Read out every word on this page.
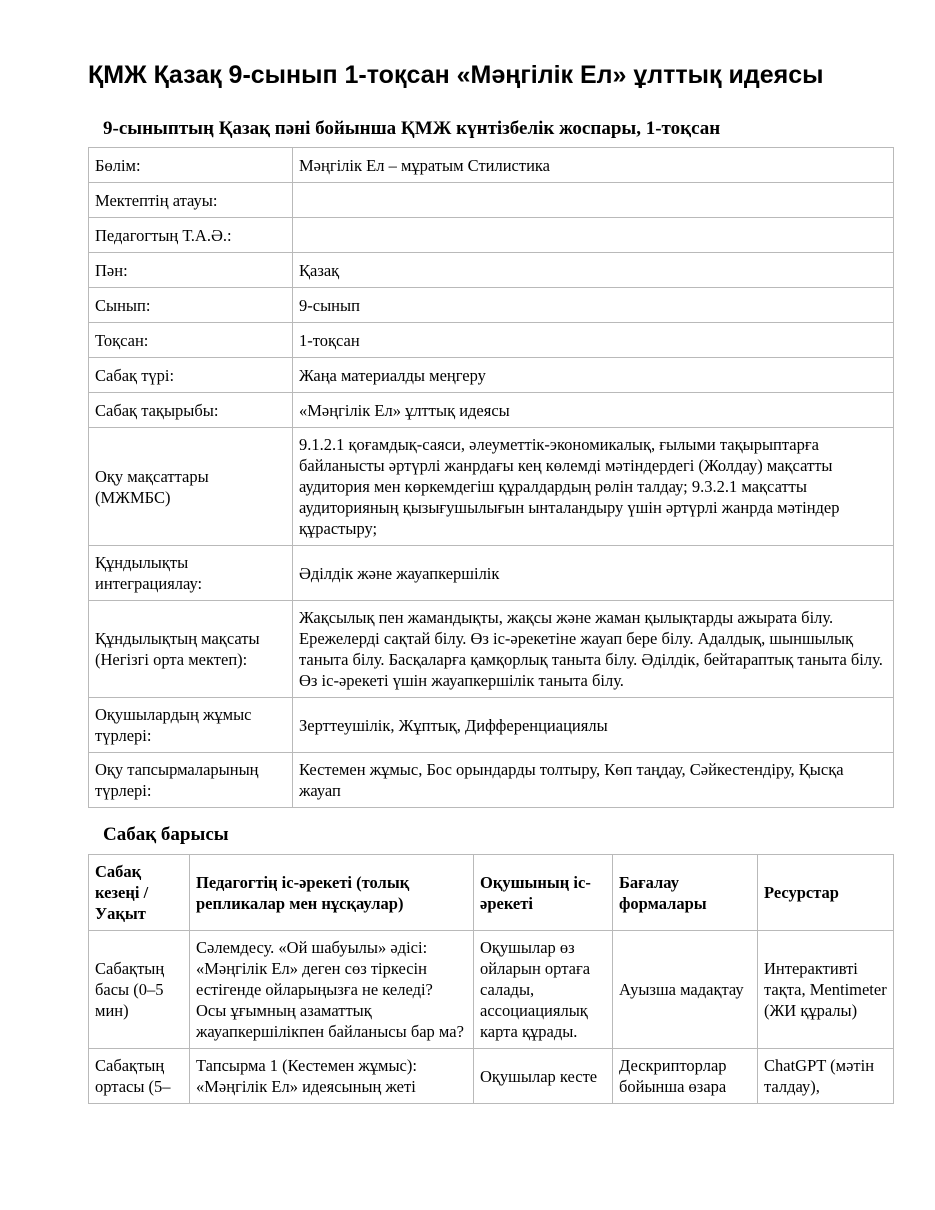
ҚМЖ Қазақ 9-сынып 1-тоқсан «Мәңгілік Ел» ұлттық идеясы
9-сыныптың Қазақ пәні бойынша ҚМЖ күнтізбелік жоспары, 1-тоқсан
Бөлім:	Мәңгілік Ел – мұратым Стилистика
Мектептің атауы:	
Педагогтың Т.А.Ә.:	
Пән:	Қазақ
Сынып:	9-сынып
Тоқсан:	1-тоқсан
Сабақ түрі:	Жаңа материалды меңгеру
Сабақ тақырыбы:	«Мәңгілік Ел» ұлттық идеясы
Оқу мақсаттары (МЖМБС)	9.1.2.1 қоғамдық-саяси, әлеуметтік-экономикалық, ғылыми тақырыптарға байланысты әртүрлі жанрдағы кең көлемді мәтіндердегі (Жолдау) мақсатты аудитория мен көркемдегіш құралдардың рөлін талдау; 9.3.2.1 мақсатты аудиторияның қызығушылығын ынталандыру үшін әртүрлі жанрда мәтіндер құрастыру;
Құндылықты интеграциялау:	Әділдік және жауапкершілік
Құндылықтың мақсаты (Негізгі орта мектеп):	Жақсылық пен жамандықты, жақсы және жаман қылықтарды ажырата білу. Ережелерді сақтай білу. Өз іс-әрекетіне жауап бере білу. Адалдық, шыншылық таныта білу. Басқаларға қамқорлық таныта білу. Әділдік, бейтараптық таныта білу. Өз іс-әрекеті үшін жауапкершілік таныта білу.
Оқушылардың жұмыс түрлері:	Зерттеушілік, Жұптық, Дифференциациялы
Оқу тапсырмаларының түрлері:	Кестемен жұмыс, Бос орындарды толтыру, Көп таңдау, Сәйкестендіру, Қысқа жауап
Сабақ барысы
Сабақ кезеңі / Уақыт	Педагогтің іс-әрекеті (толық репликалар мен нұсқаулар)	Оқушының іс-әрекеті	Бағалау формалары	Ресурстар
Сабақтың басы (0–5 мин)	Сәлемдесу. «Ой шабуылы» әдісі: «Мәңгілік Ел» деген сөз тіркесін естігенде ойларыңызға не келеді? Осы ұғымның азаматтық жауапкершілікпен байланысы бар ма?	Оқушылар өз ойларын ортаға салады, ассоциациялық карта құрады.	Ауызша мадақтау	Интерактивті тақта, Mentimeter (ЖИ құралы)
Сабақтың ортасы (5–	Тапсырма 1 (Кестемен жұмыс): «Мәңгілік Ел» идеясының жеті	Оқушылар кесте	Дескрипторлар бойынша өзара	ChatGPT (мәтін талдау),
